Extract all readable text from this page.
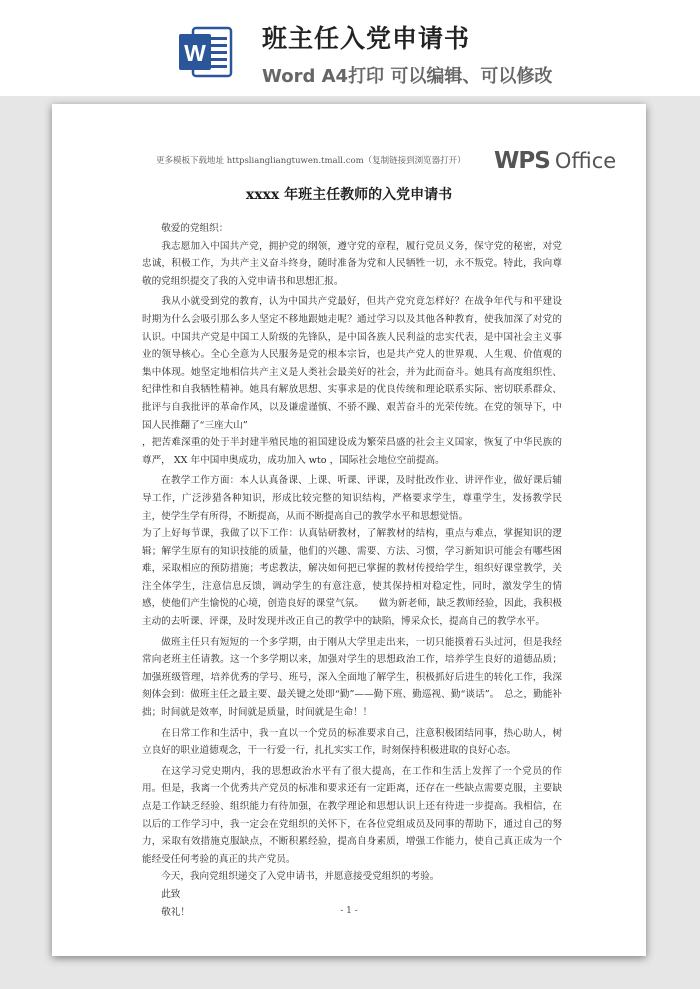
W 班主任入党申请书
Word A4打印 可以编辑、可以修改
更多模板下载地址 httpsliangliangtuwen.tmall.com（复制链接到浏览器打开） WPS Office
xxxx 年班主任教师的入党申请书

敬爱的党组织：

我志愿加入中国共产党，拥护党的纲领，遵守党的章程，履行党员义务，保守党的秘密，对党忠诚，积极工作，为共产主义奋斗终身，随时准备为党和人民牺牲一切，永不叛党。特此，我向尊敬的党组织提交了我的入党申请书和思想汇报。

我从小就受到党的教育，认为中国共产党最好，但共产党究竟怎样好？在战争年代与和平建设时期为什么会吸引那么多人坚定不移地跟她走呢？通过学习以及其他各种教育，使我加深了对党的认识。中国共产党是中国工人阶级的先锋队，是中国各族人民利益的忠实代表，是中国社会主义事业的领导核心。全心全意为人民服务是党的根本宗旨，也是共产党人的世界观、人生观、价值观的集中体现。她坚定地相信共产主义是人类社会最美好的社会，并为此而奋斗。她具有高度组织性、纪律性和自我牺牲精神。她具有解放思想、实事求是的优良传统和理论联系实际、密切联系群众、批评与自我批评的革命作风，以及谦虚谨慎、不骄不躁、艰苦奋斗的光荣传统。在党的领导下，中国人民推翻了“三座大山”

，把苦难深重的处于半封建半殖民地的祖国建设成为繁荣昌盛的社会主义国家，恢复了中华民族的尊严， XX 年中国申奥成功，成功加入 wto ，国际社会地位空前提高。

在教学工作方面：本人认真备课、上课、听课、评课，及时批改作业、讲评作业，做好课后辅导工作，广泛涉猎各种知识，形成比较完整的知识结构，严格要求学生，尊重学生，发扬教学民主，使学生学有所得，不断提高，从而不断提高自己的教学水平和思想觉悟。

为了上好每节课，我做了以下工作：认真钻研教材，了解教材的结构，重点与难点，掌握知识的逻辑；解学生原有的知识技能的质量，他们的兴趣、需要、方法、习惯，学习新知识可能会有哪些困难，采取相应的预防措施；考虑教法，解决如何把已掌握的教材传授给学生，组织好课堂教学，关注全体学生，注意信息反馈，调动学生的有意注意，使其保持相对稳定性，同时，激发学生的情感，使他们产生愉悦的心境，创造良好的课堂气氛。　　做为新老师，缺乏教师经验，因此，我积极主动的去听课、评课，及时发现并改正自己的教学中的缺陷，博采众长，提高自己的教学水平。

做班主任只有短短的一个多学期，由于刚从大学里走出来，一切只能摸着石头过河，但是我经常向老班主任请教。这一个多学期以来，加强对学生的思想政治工作，培养学生良好的道德品质；加强班级管理，培养优秀的学号、班号，深入全面地了解学生，积极抓好后进生的转化工作，我深刻体会到：做班主任之最主要、最关键之处即“勤”——勤下班、勤巡视、勤“谈话”。　总之，勤能补拙；时间就是效率，时间就是质量，时间就是生命！！

在日常工作和生活中，我一直以一个党员的标准要求自己，注意积极团结同事，热心助人，树立良好的职业道德观念，干一行爱一行，扎扎实实工作，时刻保持积极进取的良好心态。

在这学习党史期内，我的思想政治水平有了很大提高，在工作和生活上发挥了一个党员的作用。但是，我离一个优秀共产党员的标准和要求还有一定距离，还存在一些缺点需要克服，主要缺点是工作缺乏经验、组织能力有待加强，在教学理论和思想认识上还有待进一步提高。我相信，在以后的工作学习中，我一定会在党组织的关怀下，在各位党组成员及同事的帮助下，通过自己的努力，采取有效措施克服缺点，不断积累经验，提高自身素质，增强工作能力，使自己真正成为一个能经受任何考验的真正的共产党员。

今天，我向党组织递交了入党申请书，并愿意接受党组织的考验。

此致

敬礼！	- 1 -
